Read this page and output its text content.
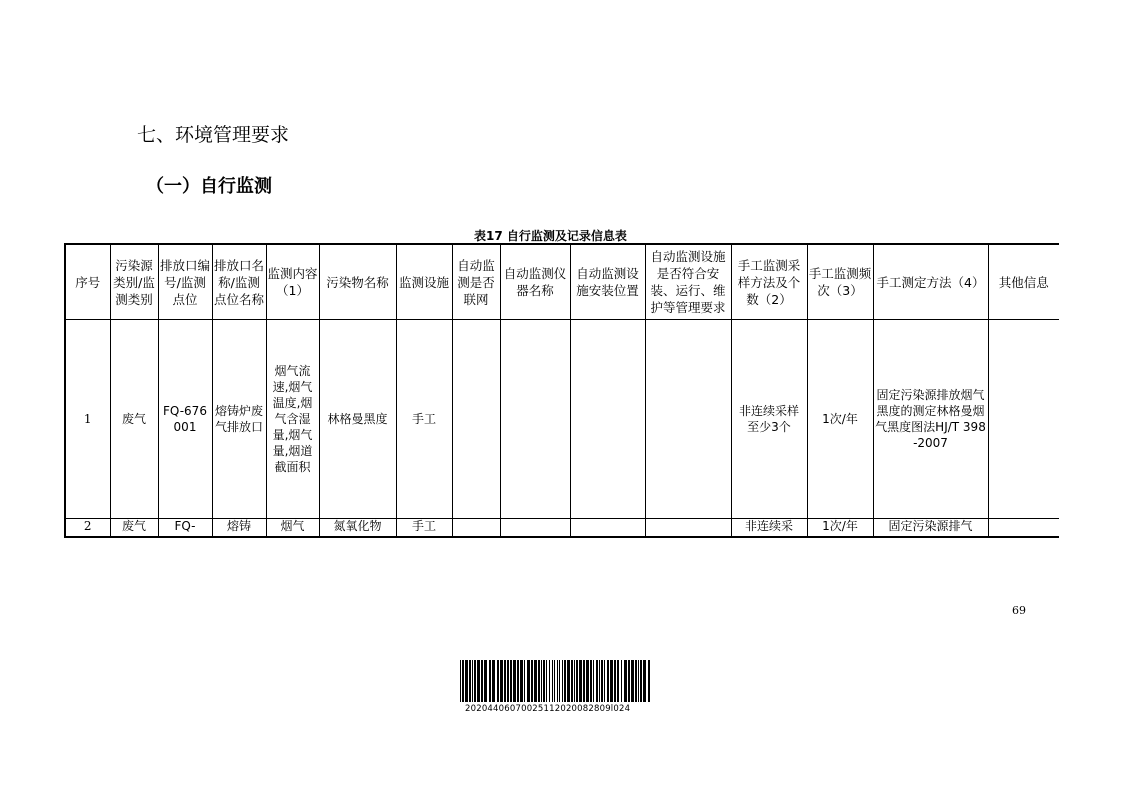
七、环境管理要求
（一）自行监测
表17 自行监测及记录信息表
序号	污染源类别/监测类别	排放口编号/监测点位	排放口名称/监测点位名称	监测内容（1）	污染物名称	监测设施	自动监测是否联网	自动监测仪器名称	自动监测设施安装位置	自动监测设施是否符合安装、运行、维护等管理要求	手工监测采样方法及个数（2）	手工监测频次（3）	手工测定方法（4）	其他信息
1	废气	FQ-676001	熔铸炉废气排放口	烟气流速,烟气温度,烟气含湿量,烟气量,烟道截面积	林格曼黑度	手工					非连续采样 至少3个	1次/年	固定污染源排放烟气黑度的测定林格曼烟气黑度图法HJ/T 398-2007	
2	废气	FQ-	熔铸	烟气	氮氧化物	手工					非连续采	1次/年	固定污染源排气	
69
20204406070025112020082809l024
